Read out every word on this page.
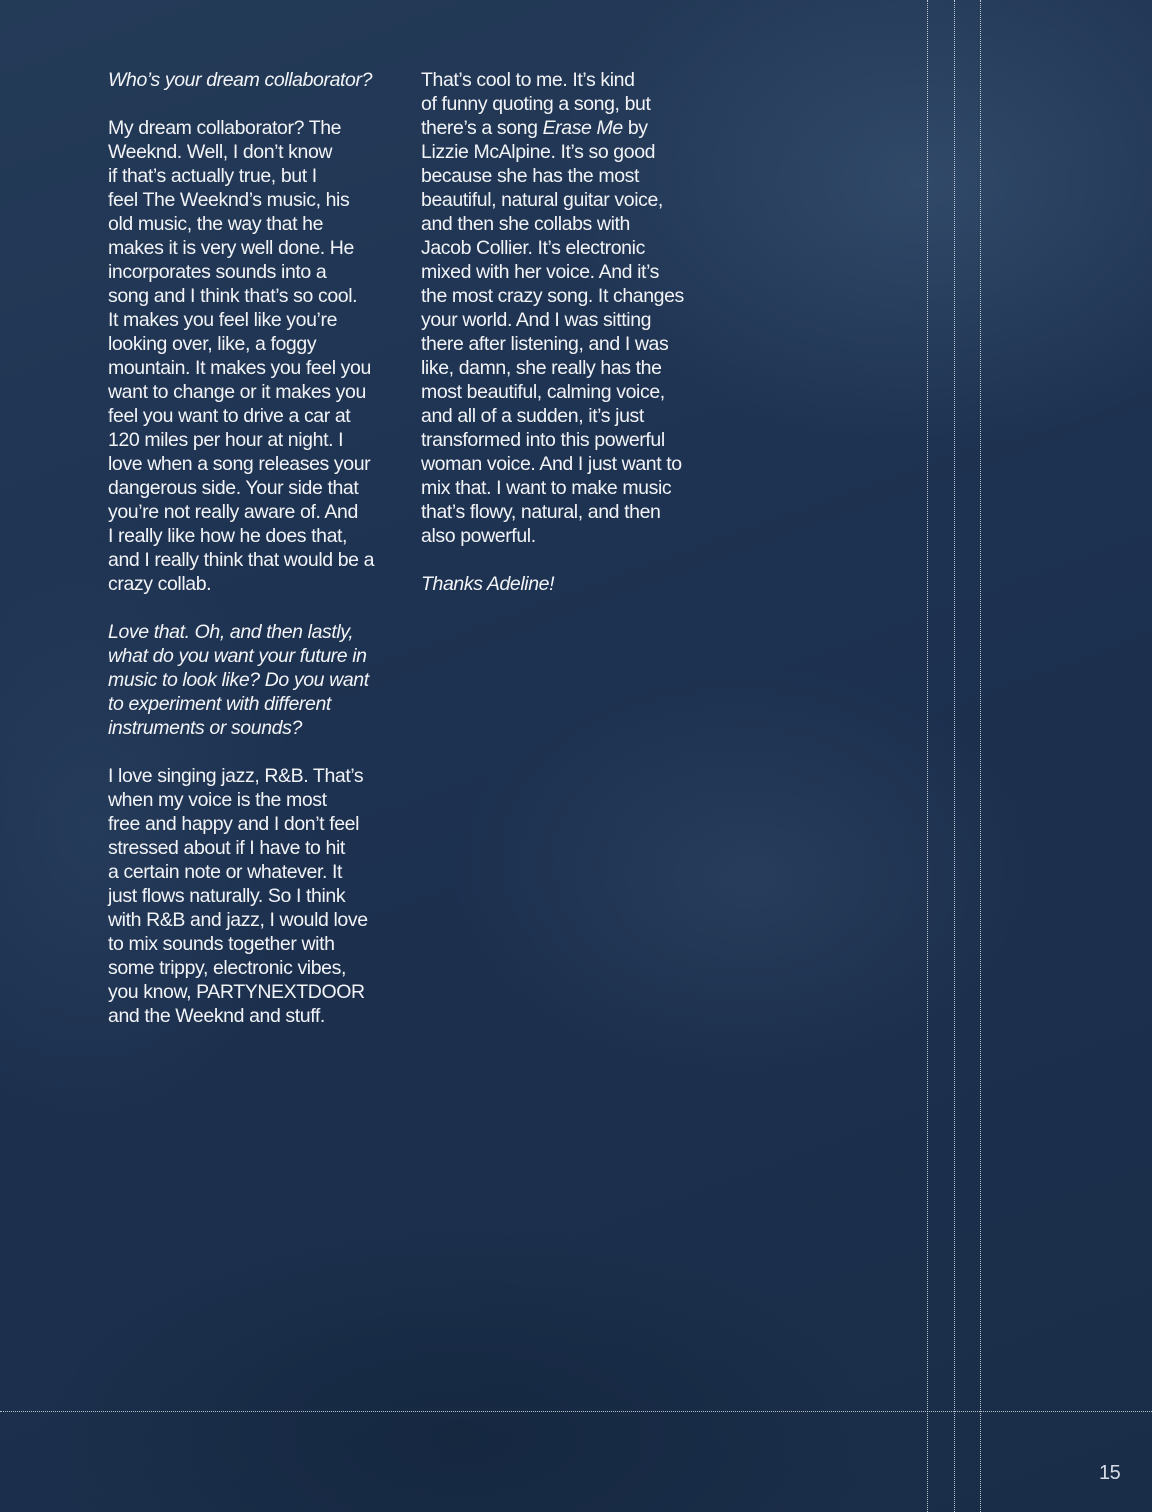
Who’s your dream collaborator?
My dream collaborator? The
Weeknd. Well, I don’t know
if that’s actually true, but I
feel The Weeknd’s music, his
old music, the way that he
makes it is very well done. He
incorporates sounds into a
song and I think that’s so cool.
It makes you feel like you’re
looking over, like, a foggy
mountain. It makes you feel you
want to change or it makes you
feel you want to drive a car at
120 miles per hour at night. I
love when a song releases your
dangerous side. Your side that
you’re not really aware of. And
I really like how he does that,
and I really think that would be a
crazy collab.
Love that. Oh, and then lastly,
what do you want your future in
music to look like? Do you want
to experiment with different
instruments or sounds?
I love singing jazz, R&B. That’s
when my voice is the most
free and happy and I don’t feel
stressed about if I have to hit
a certain note or whatever. It
just flows naturally. So I think
with R&B and jazz, I would love
to mix sounds together with
some trippy, electronic vibes,
you know, PARTYNEXTDOOR
and the Weeknd and stuff.
That’s cool to me. It’s kind
of funny quoting a song, but
there’s a song Erase Me by
Lizzie McAlpine. It’s so good
because she has the most
beautiful, natural guitar voice,
and then she collabs with
Jacob Collier. It’s electronic
mixed with her voice. And it’s
the most crazy song. It changes
your world. And I was sitting
there after listening, and I was
like, damn, she really has the
most beautiful, calming voice,
and all of a sudden, it’s just
transformed into this powerful
woman voice. And I just want to
mix that. I want to make music
that’s flowy, natural, and then
also powerful.
Thanks Adeline!
15
